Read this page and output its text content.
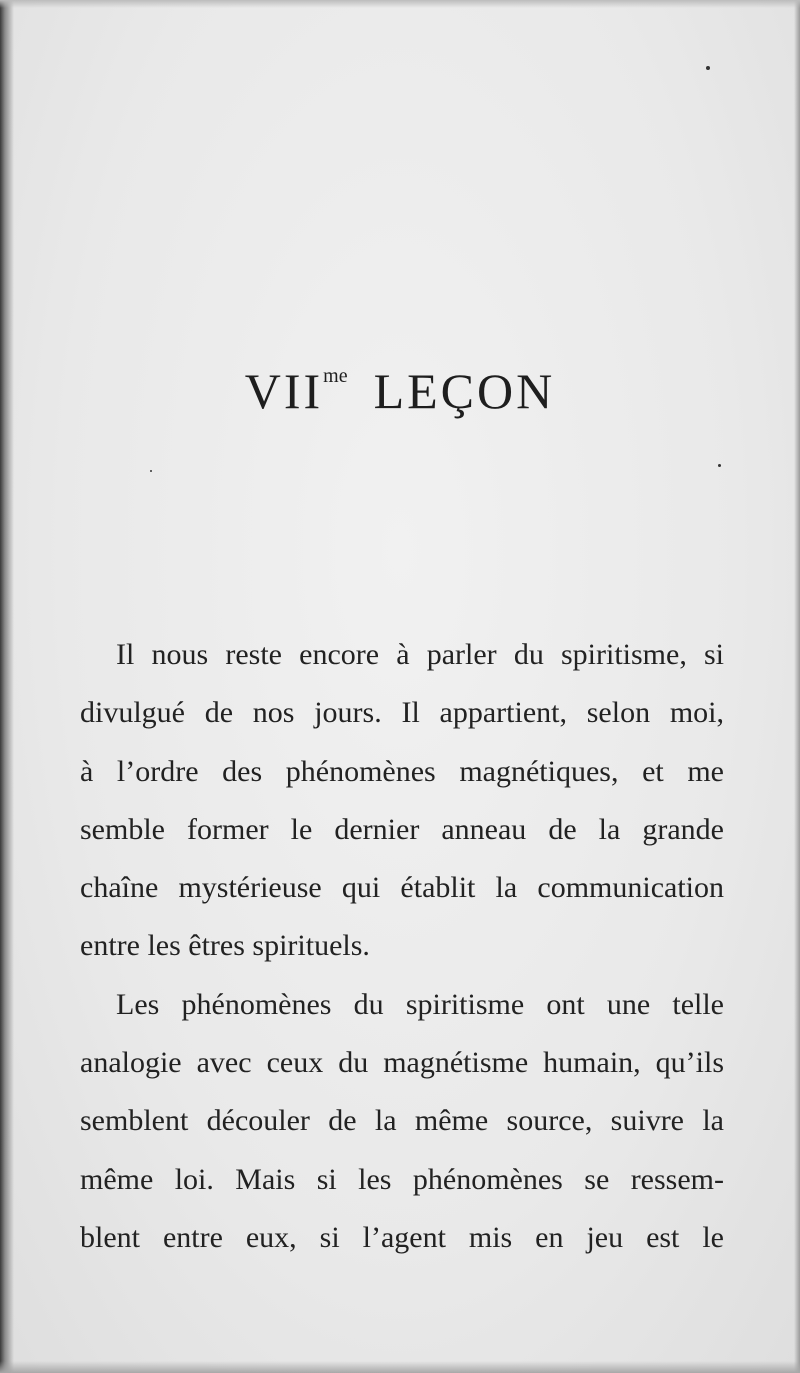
$VII^{me}$ LEÇON
Il nous reste encore à parler du spiritisme, si
divulgué de nos jours. Il appartient, selon moi,
à l’ordre des phénomènes magnétiques, et me
semble former le dernier anneau de la grande
chaîne mystérieuse qui établit la communication
entre les êtres spirituels.
Les phénomènes du spiritisme ont une telle
analogie avec ceux du magnétisme humain, qu’ils
semblent découler de la même source, suivre la
même loi. Mais si les phénomènes se ressem-
blent entre eux, si l’agent mis en jeu est le
